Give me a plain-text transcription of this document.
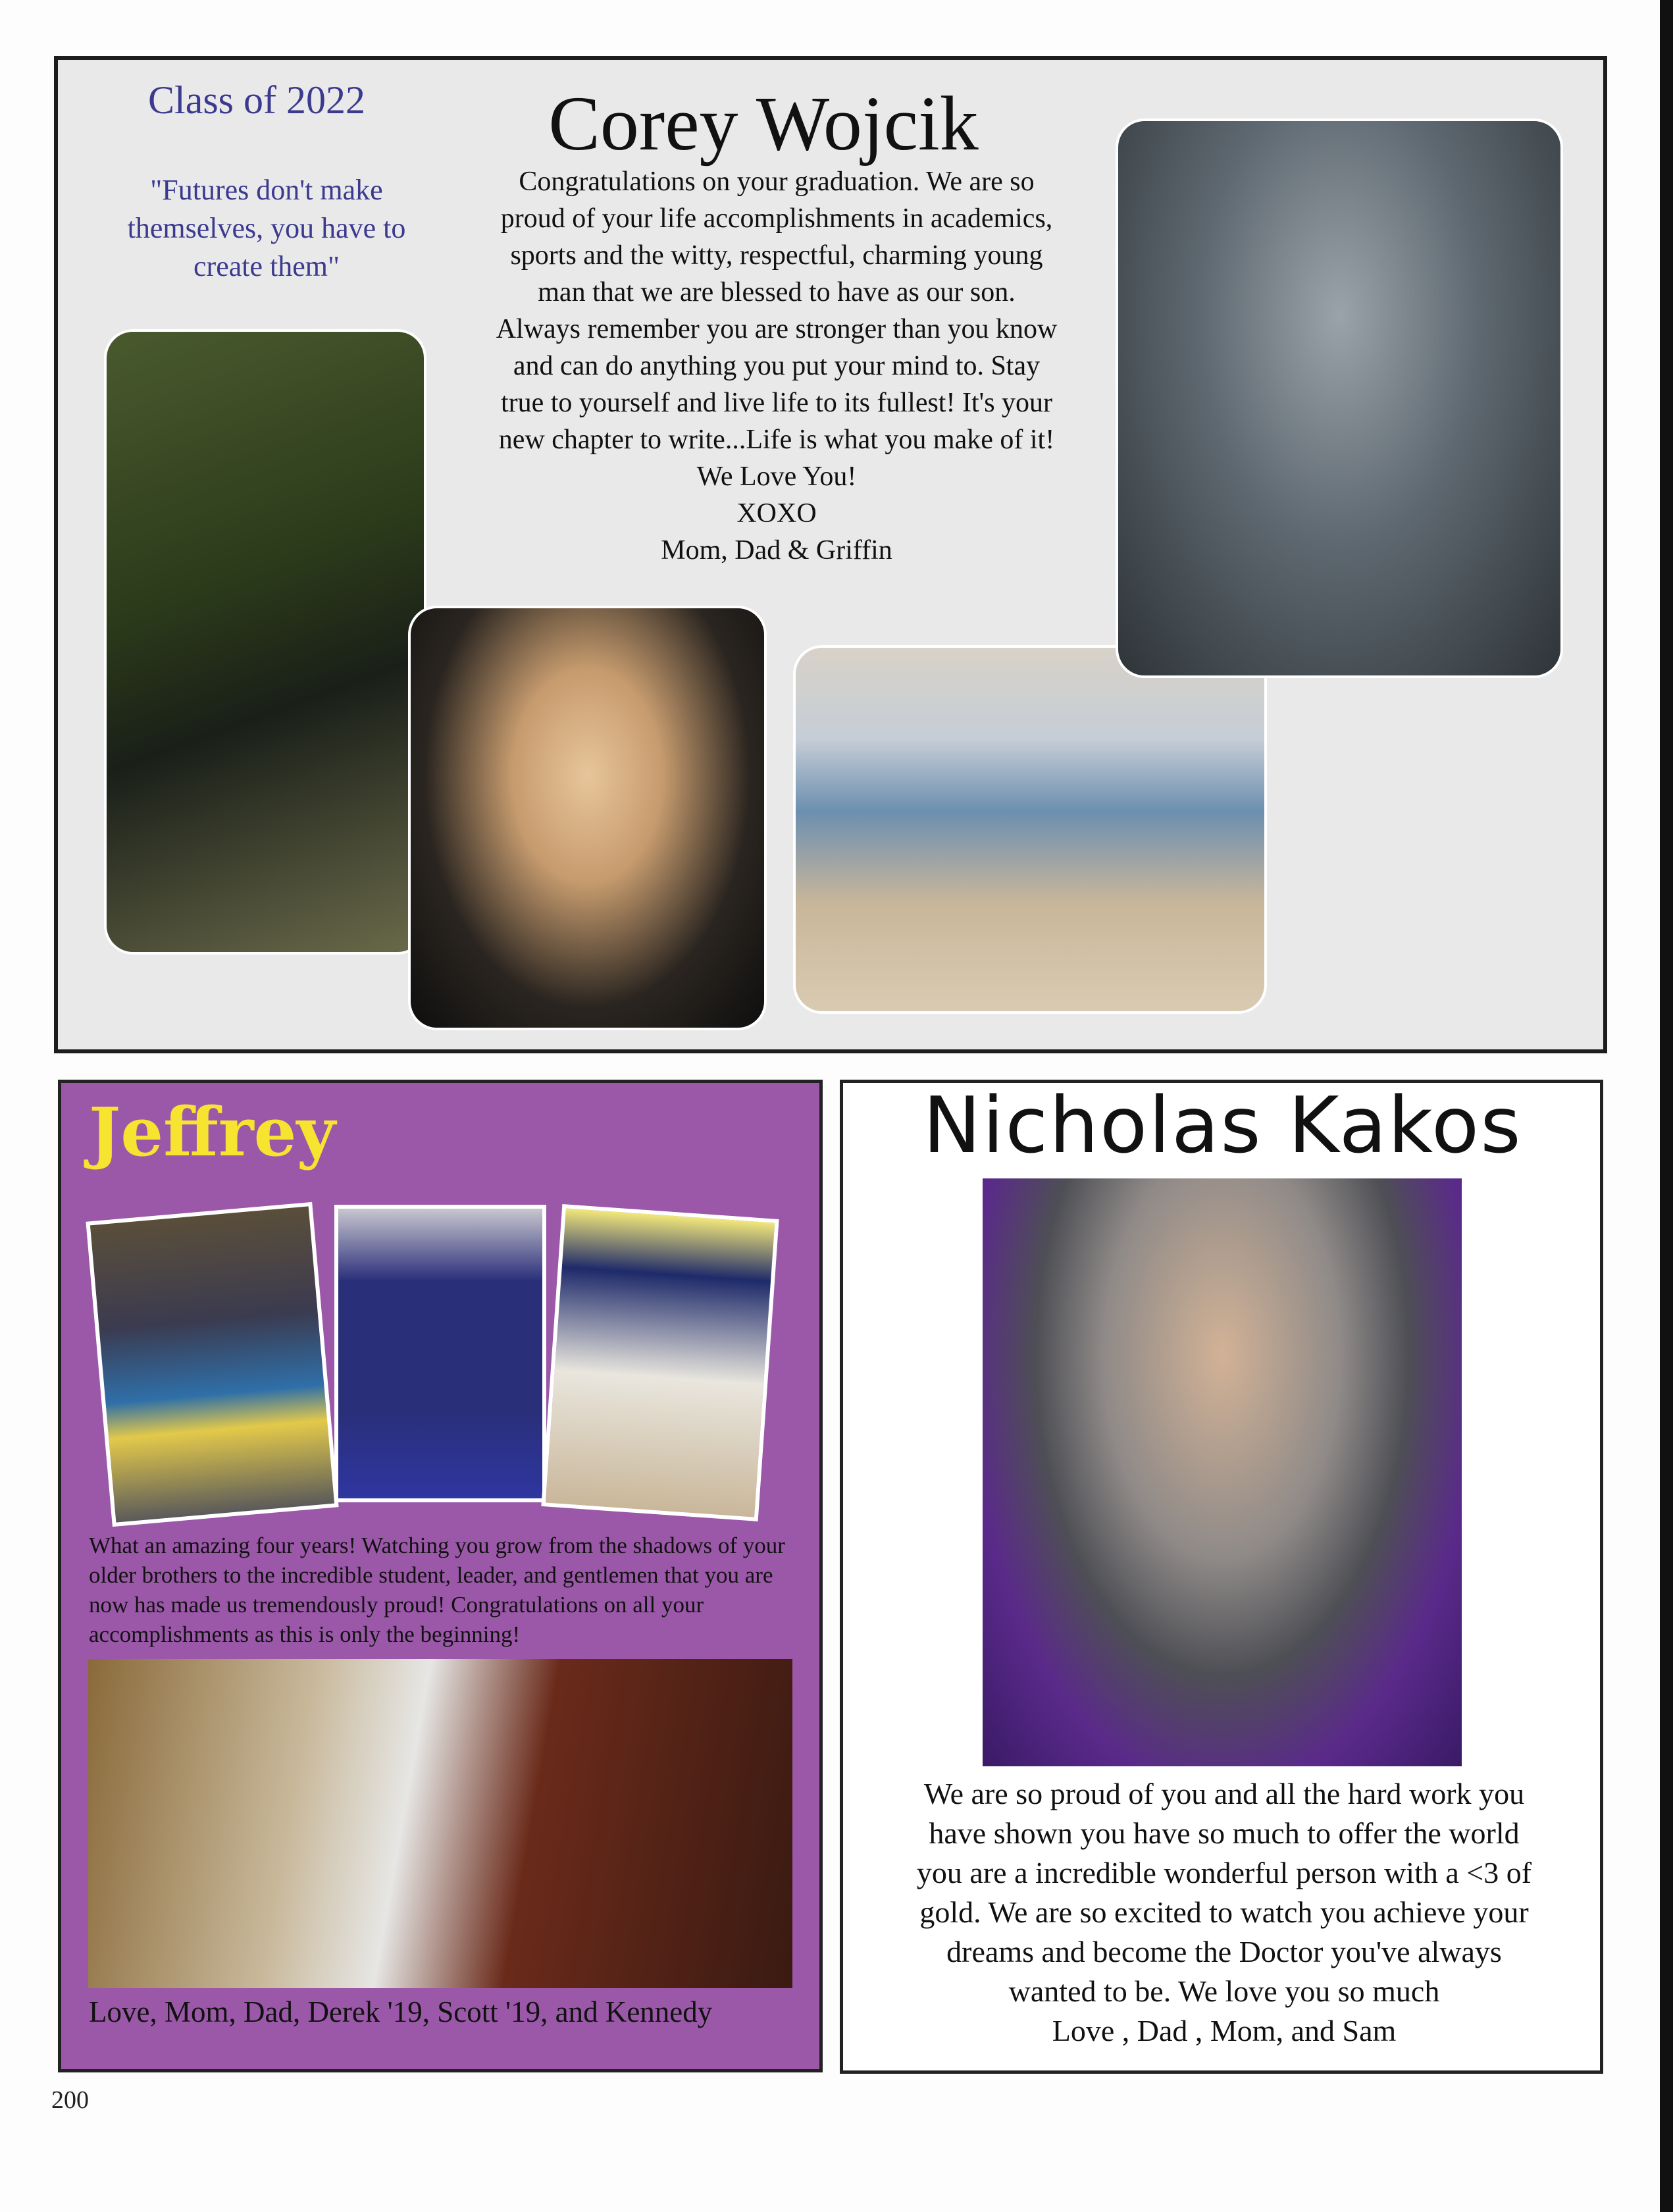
Class of 2022
"Futures don't make themselves, you have to create them"
Corey Wojcik
Congratulations on your graduation. We are so
proud of your life accomplishments in academics,
sports and the witty, respectful, charming young
man that we are blessed to have as our son.
Always remember you are stronger than you know
and can do anything you put your mind to. Stay
true to yourself and live life to its fullest! It's your
new chapter to write...Life is what you make of it!
We Love You!
XOXO
Mom, Dad & Griffin
Jeffrey
What an amazing four years! Watching you grow from the shadows of your older brothers to the incredible student, leader, and gentlemen that you are now has made us tremendously proud! Congratulations on all your accomplishments as this is only the beginning!
Love, Mom, Dad, Derek '19, Scott '19, and Kennedy
Nicholas Kakos
We are so proud of you and all the hard work you
have shown you have so much to offer the world
you are a incredible wonderful person with a <3 of
gold. We are so excited to watch you achieve your
dreams and become the Doctor you've always
wanted to be. We love you so much
Love , Dad , Mom, and Sam
200
